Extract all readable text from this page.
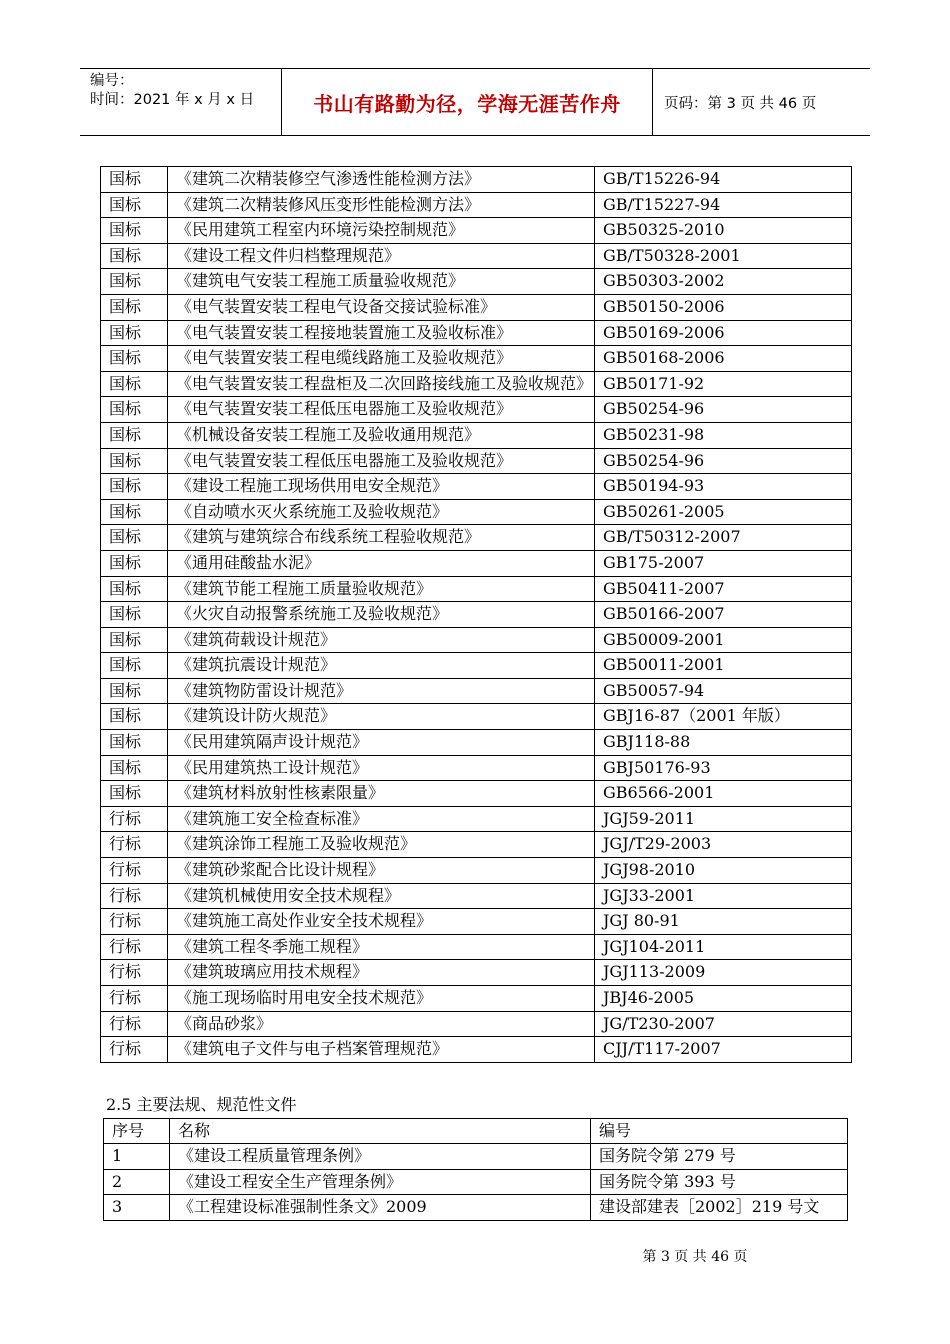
编号：
时间：2021 年 x 月 x 日	书山有路勤为径，学海无涯苦作舟	页码：第 3 页 共 46 页
国标	《建筑二次精装修空气渗透性能检测方法》	GB/T15226-94
国标	《建筑二次精装修风压变形性能检测方法》	GB/T15227-94
国标	《民用建筑工程室内环境污染控制规范》	GB50325-2010
国标	《建设工程文件归档整理规范》	GB/T50328-2001
国标	《建筑电气安装工程施工质量验收规范》	GB50303-2002
国标	《电气装置安装工程电气设备交接试验标准》	GB50150-2006
国标	《电气装置安装工程接地装置施工及验收标准》	GB50169-2006
国标	《电气装置安装工程电缆线路施工及验收规范》	GB50168-2006
国标	《电气装置安装工程盘柜及二次回路接线施工及验收规范》	GB50171-92
国标	《电气装置安装工程低压电器施工及验收规范》	GB50254-96
国标	《机械设备安装工程施工及验收通用规范》	GB50231-98
国标	《电气装置安装工程低压电器施工及验收规范》	GB50254-96
国标	《建设工程施工现场供用电安全规范》	GB50194-93
国标	《自动喷水灭火系统施工及验收规范》	GB50261-2005
国标	《建筑与建筑综合布线系统工程验收规范》	GB/T50312-2007
国标	《通用硅酸盐水泥》	GB175-2007
国标	《建筑节能工程施工质量验收规范》	GB50411-2007
国标	《火灾自动报警系统施工及验收规范》	GB50166-2007
国标	《建筑荷载设计规范》	GB50009-2001
国标	《建筑抗震设计规范》	GB50011-2001
国标	《建筑物防雷设计规范》	GB50057-94
国标	《建筑设计防火规范》	GBJ16-87（2001 年版）
国标	《民用建筑隔声设计规范》	GBJ118-88
国标	《民用建筑热工设计规范》	GBJ50176-93
国标	《建筑材料放射性核素限量》	GB6566-2001
行标	《建筑施工安全检查标准》	JGJ59-2011
行标	《建筑涂饰工程施工及验收规范》	JGJ/T29-2003
行标	《建筑砂浆配合比设计规程》	JGJ98-2010
行标	《建筑机械使用安全技术规程》	JGJ33-2001
行标	《建筑施工高处作业安全技术规程》	JGJ 80-91
行标	《建筑工程冬季施工规程》	JGJ104-2011
行标	《建筑玻璃应用技术规程》	JGJ113-2009
行标	《施工现场临时用电安全技术规范》	JBJ46-2005
行标	《商品砂浆》	JG/T230-2007
行标	《建筑电子文件与电子档案管理规范》	CJJ/T117-2007
2.5 主要法规、规范性文件
序号	名称	编号
1	《建设工程质量管理条例》	国务院令第 279 号
2	《建设工程安全生产管理条例》	国务院令第 393 号
3	《工程建设标准强制性条文》2009	建设部建表［2002］219 号文
第 3 页 共 46 页
